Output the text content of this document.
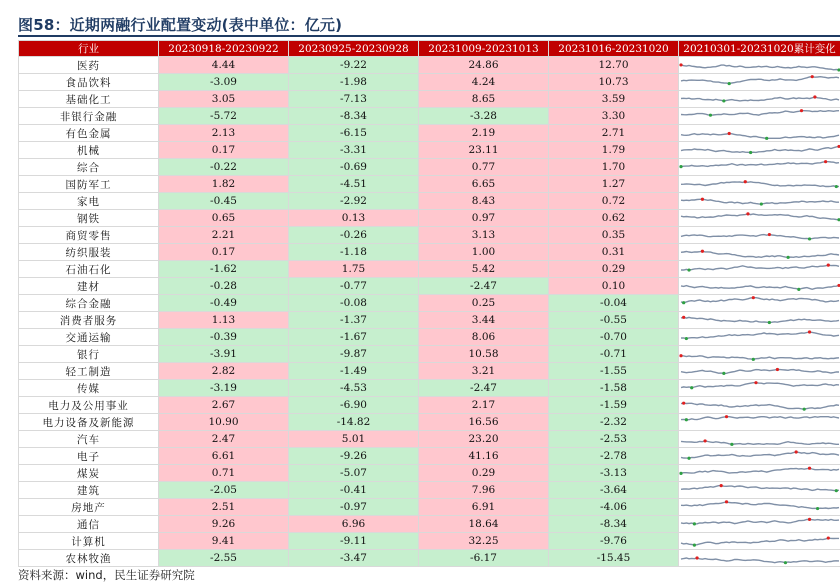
图58：近期两融行业配置变动(表中单位：亿元)
行业	20230918-20230922	20230925-20230928	20231009-20231013	20231016-20231020	20210301-20231020累计变化
医药	4.44	-9.22	24.86	12.70	

食品饮料	-3.09	-1.98	4.24	10.73	

基础化工	3.05	-7.13	8.65	3.59	

非银行金融	-5.72	-8.34	-3.28	3.30	

有色金属	2.13	-6.15	2.19	2.71	

机械	0.17	-3.31	23.11	1.79	

综合	-0.22	-0.69	0.77	1.70	

国防军工	1.82	-4.51	6.65	1.27	

家电	-0.45	-2.92	8.43	0.72	

钢铁	0.65	0.13	0.97	0.62	

商贸零售	2.21	-0.26	3.13	0.35	

纺织服装	0.17	-1.18	1.00	0.31	

石油石化	-1.62	1.75	5.42	0.29	

建材	-0.28	-0.77	-2.47	0.10	

综合金融	-0.49	-0.08	0.25	-0.04	

消费者服务	1.13	-1.37	3.44	-0.55	

交通运输	-0.39	-1.67	8.06	-0.70	

银行	-3.91	-9.87	10.58	-0.71	

轻工制造	2.82	-1.49	3.21	-1.55	

传媒	-3.19	-4.53	-2.47	-1.58	

电力及公用事业	2.67	-6.90	2.17	-1.59	

电力设备及新能源	10.90	-14.82	16.56	-2.32	

汽车	2.47	5.01	23.20	-2.53	

电子	6.61	-9.26	41.16	-2.78	

煤炭	0.71	-5.07	0.29	-3.13	

建筑	-2.05	-0.41	7.96	-3.64	

房地产	2.51	-0.97	6.91	-4.06	

通信	9.26	6.96	18.64	-8.34	

计算机	9.41	-9.11	32.25	-9.76	

农林牧渔	-2.55	-3.47	-6.17	-15.45	
资料来源：wind，民生证券研究院
